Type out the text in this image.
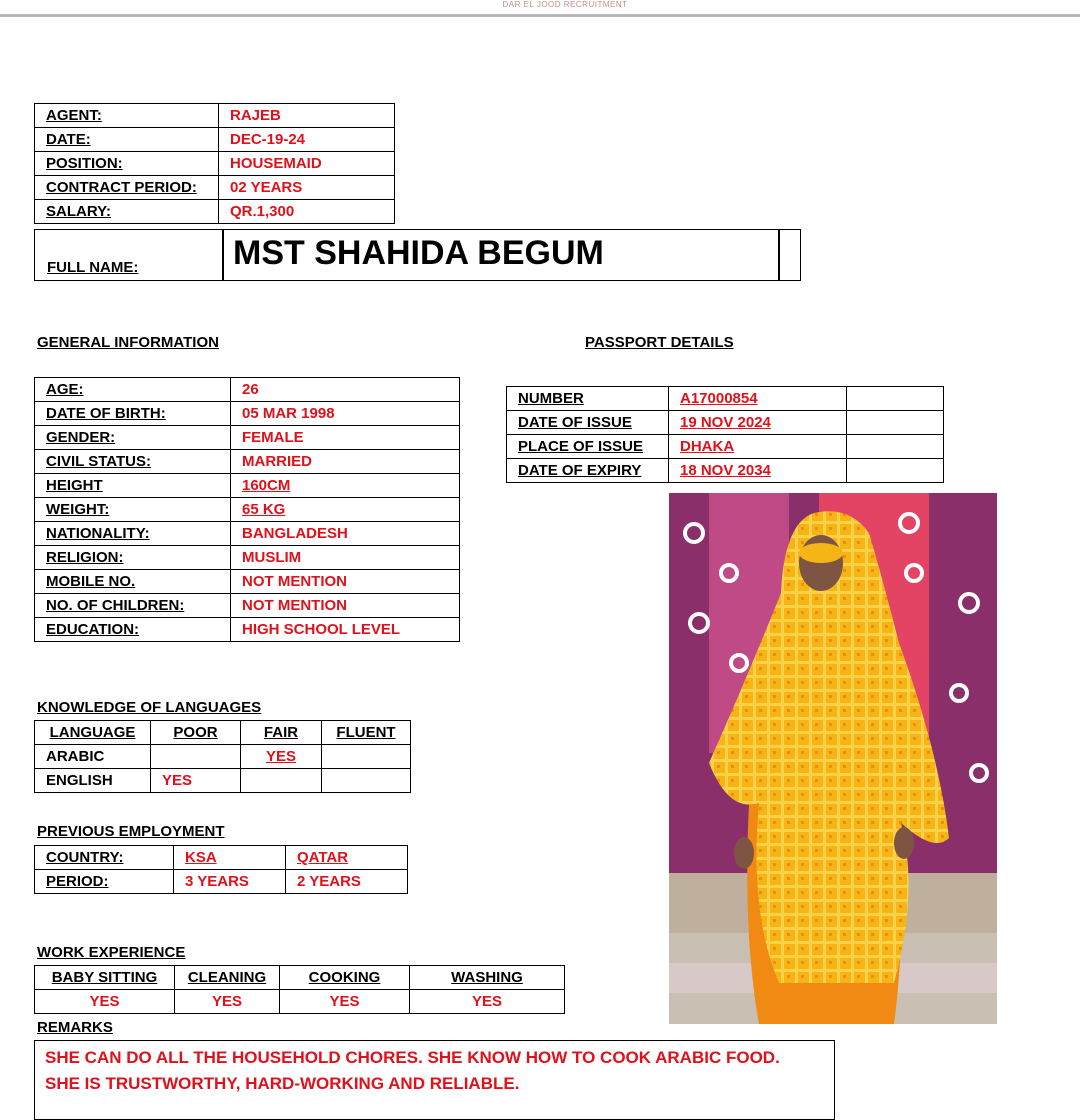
DAR EL JOOD RECRUITMENT
AGENT:	RAJEB
DATE:	DEC-19-24
POSITION:	HOUSEMAID
CONTRACT PERIOD:	02 YEARS
SALARY:	QR.1,300
FULL NAME:	MST SHAHIDA BEGUM
GENERAL INFORMATION
AGE:	26
DATE OF BIRTH:	05 MAR 1998
GENDER:	FEMALE
CIVIL STATUS:	MARRIED
HEIGHT	160CM
WEIGHT:	65 KG
NATIONALITY:	BANGLADESH
RELIGION:	MUSLIM
MOBILE NO.	NOT MENTION
NO. OF CHILDREN:	NOT MENTION
EDUCATION:	HIGH SCHOOL LEVEL
PASSPORT DETAILS
NUMBER	A17000854	
DATE OF ISSUE	19 NOV 2024	
PLACE OF ISSUE	DHAKA	
DATE OF EXPIRY	18 NOV 2034	
KNOWLEDGE OF LANGUAGES
LANGUAGE	POOR	FAIR	FLUENT
ARABIC		YES	
ENGLISH	YES		
PREVIOUS EMPLOYMENT
COUNTRY:	KSA	QATAR
PERIOD:	3 YEARS	2 YEARS
WORK EXPERIENCE
BABY SITTING	CLEANING	COOKING	WASHING
YES	YES	YES	YES
REMARKS

SHE CAN DO ALL THE HOUSEHOLD CHORES. SHE KNOW HOW TO COOK ARABIC FOOD.

SHE IS TRUSTWORTHY, HARD-WORKING AND RELIABLE.
